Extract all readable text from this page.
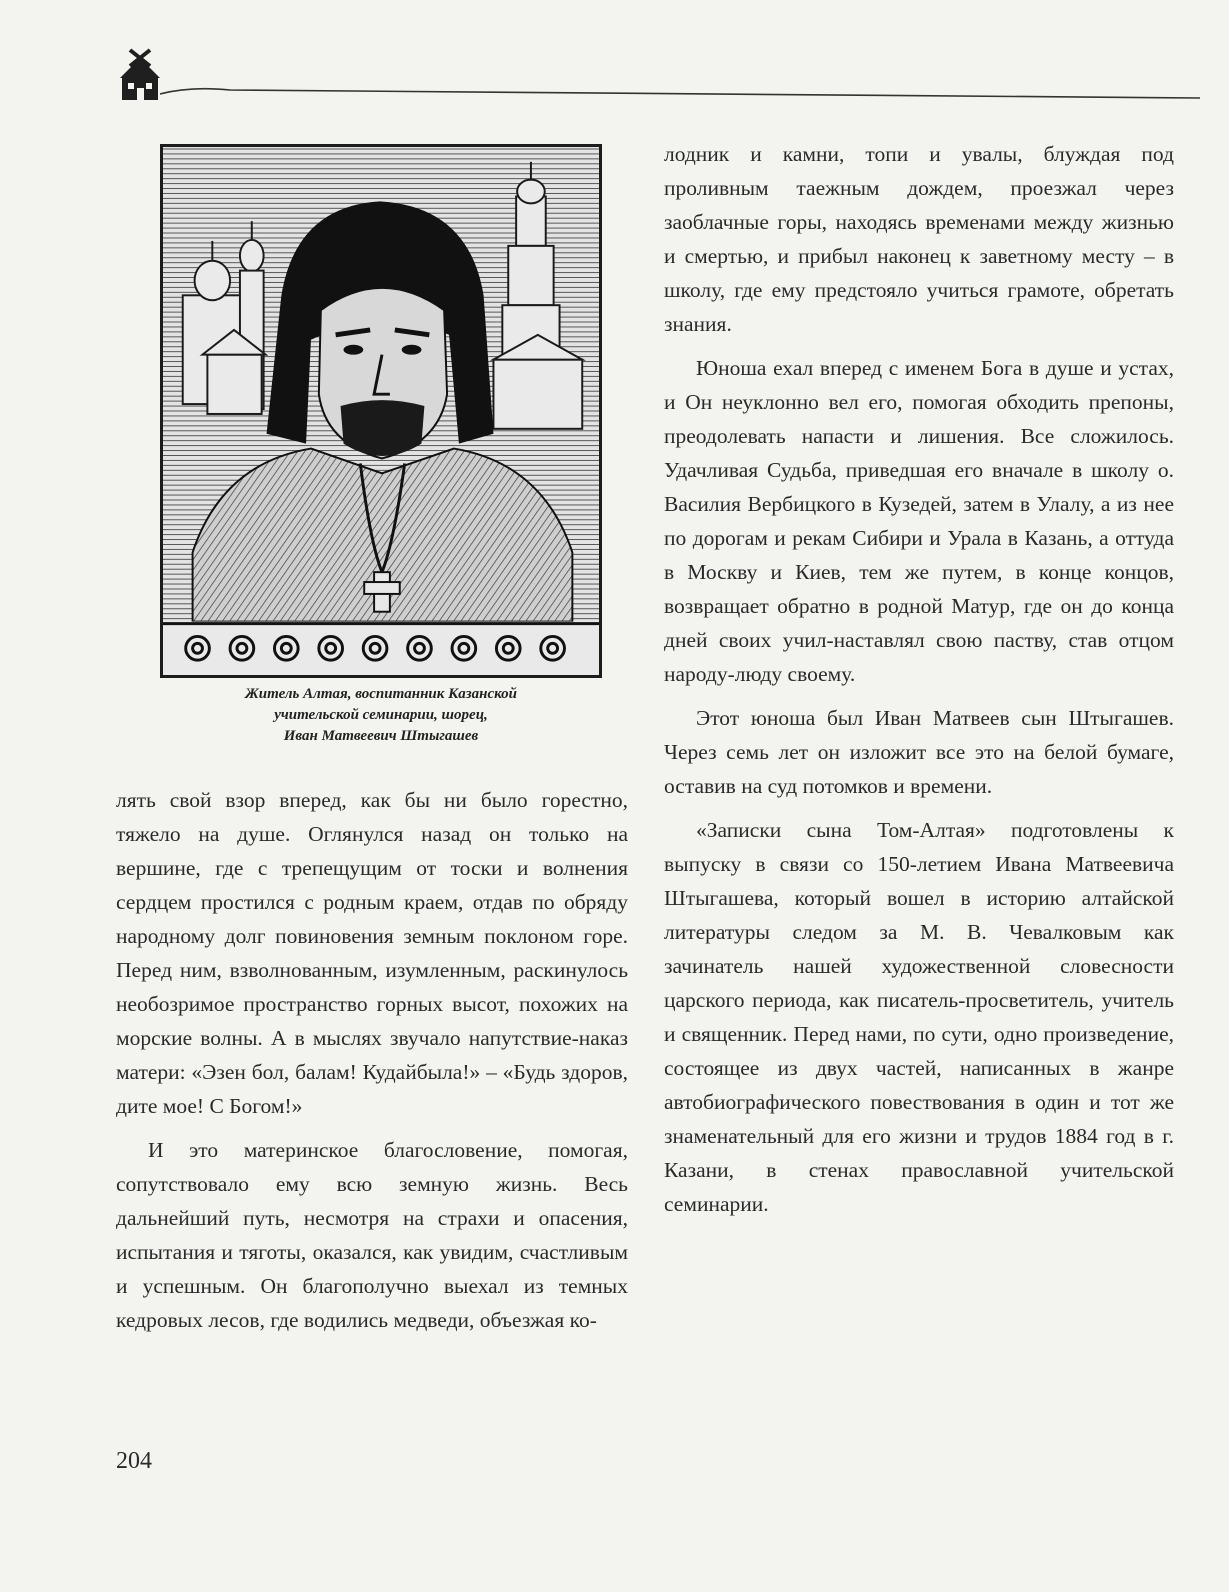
Житель Алтая, воспитанник Казанской
учительской семинарии, шорец,
Иван Матвеевич Штыгашев

лять свой взор вперед, как бы ни было горестно, тяжело на душе. Оглянулся назад он только на вершине, где с трепещущим от тоски и волнения сердцем простился с родным краем, отдав по обряду народному долг повиновения земным поклоном горе. Перед ним, взволнованным, изумленным, раскинулось необозримое пространство горных высот, похожих на морские волны. А в мыслях звучало напутствие-наказ матери: «Эзен бол, балам! Кудайбыла!» – «Будь здоров, дите мое! С Богом!»

И это материнское благословение, помогая, сопутствовало ему всю земную жизнь. Весь дальнейший путь, несмотря на страхи и опасения, испытания и тяготы, оказался, как увидим, счастливым и успешным. Он благополучно выехал из темных кедровых лесов, где водились медведи, объезжая ко-

лодник и камни, топи и увалы, блуждая под проливным таежным дождем, проезжал через заоблачные горы, находясь временами между жизнью и смертью, и прибыл наконец к заветному месту – в школу, где ему предстояло учиться грамоте, обретать знания.

Юноша ехал вперед с именем Бога в душе и устах, и Он неуклонно вел его, помогая обходить препоны, преодолевать напасти и лишения. Все сложилось. Удачливая Судьба, приведшая его вначале в школу о. Василия Вербицкого в Кузедей, затем в Улалу, а из нее по дорогам и рекам Сибири и Урала в Казань, а оттуда в Москву и Киев, тем же путем, в конце концов, возвращает обратно в родной Матур, где он до конца дней своих учил-наставлял свою паству, став отцом народу-люду своему.

Этот юноша был Иван Матвеев сын Штыгашев. Через семь лет он изложит все это на белой бумаге, оставив на суд потомков и времени.

«Записки сына Том-Алтая» подготовлены к выпуску в связи со 150-летием Ивана Матвеевича Штыгашева, который вошел в историю алтайской литературы следом за М. В. Чевалковым как зачинатель нашей художественной словесности царского периода, как писатель-просветитель, учитель и священник. Перед нами, по сути, одно произведение, состоящее из двух частей, написанных в жанре автобиографического повествования в один и тот же знаменательный для его жизни и трудов 1884 год в г. Казани, в стенах православной учительской семинарии.

204
